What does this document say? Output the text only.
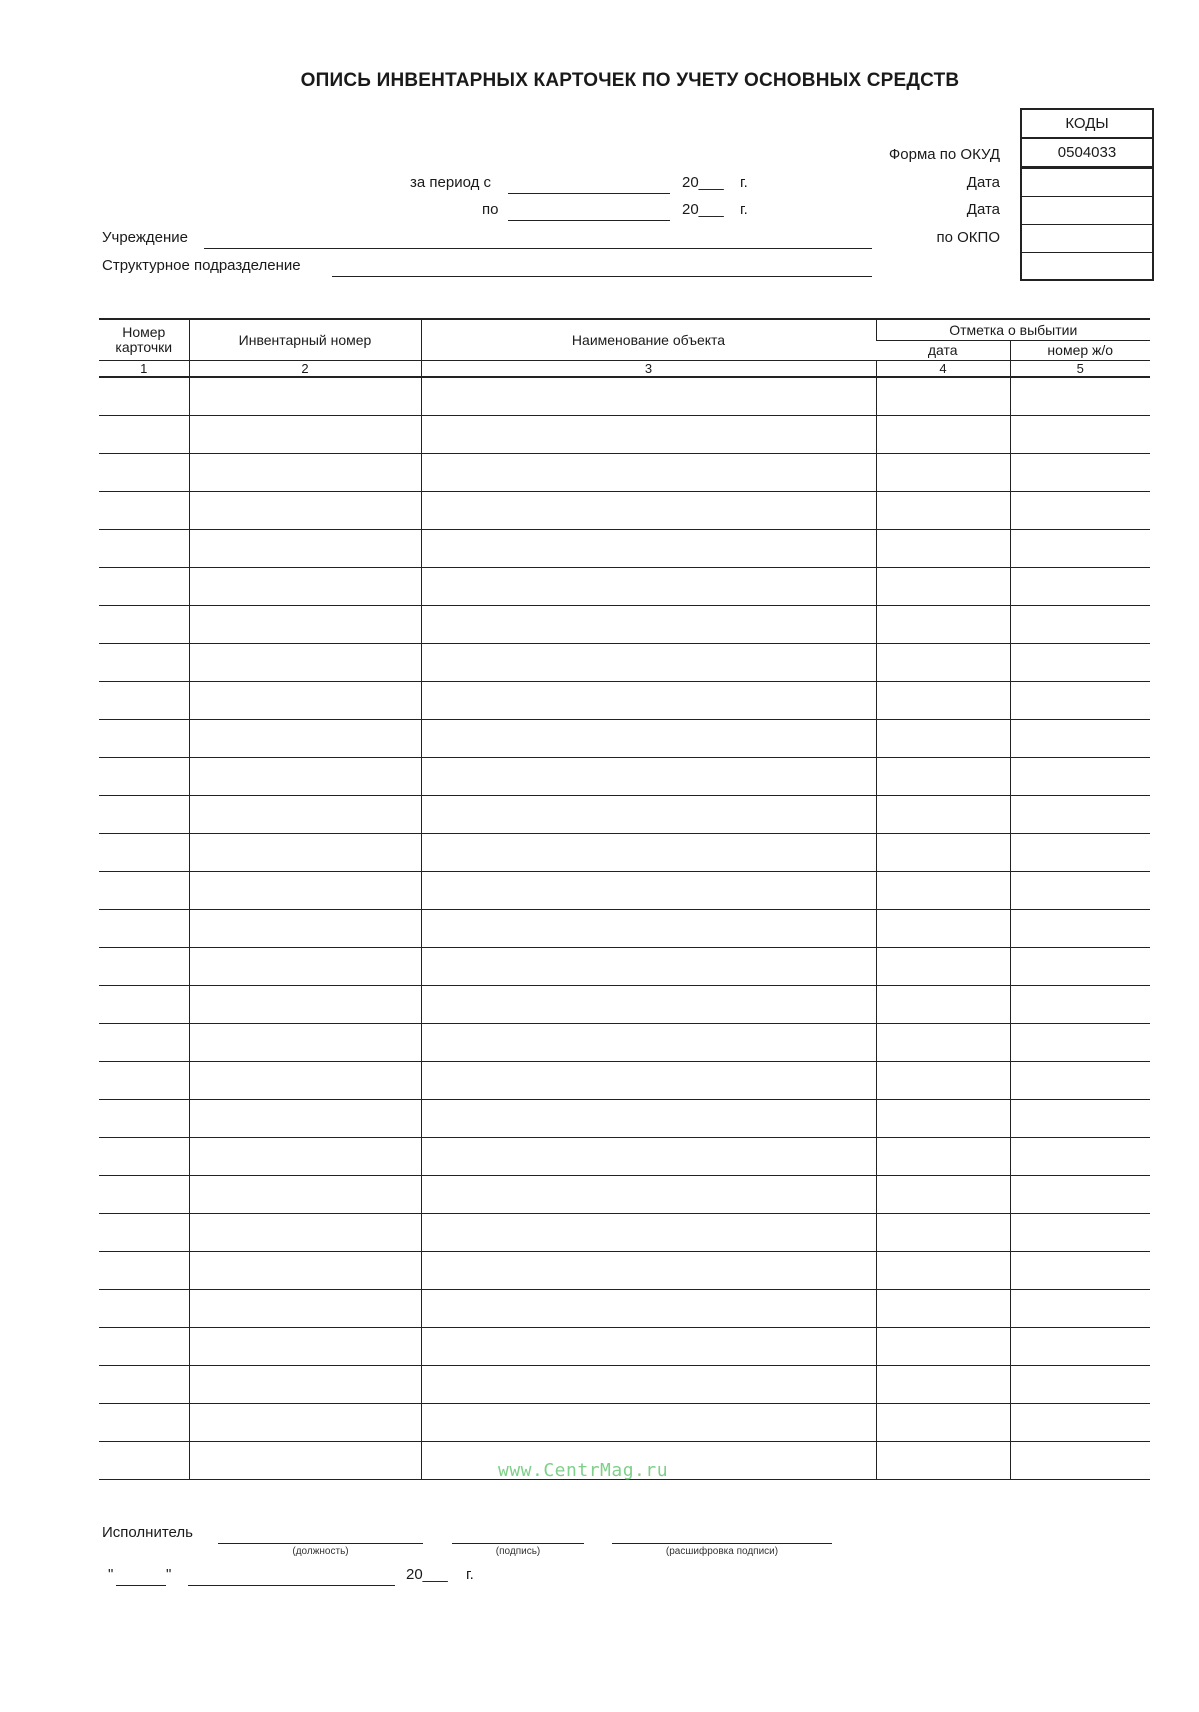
ОПИСЬ ИНВЕНТАРНЫХ КАРТОЧЕК ПО УЧЕТУ ОСНОВНЫХ СРЕДСТВ
КОДЫ
0504033
Форма по ОКУД
Дата
Дата
по ОКПО
за период с	20___ г.
по	20___ г.
Учреждение
Структурное подразделение
Номер карточки	Инвентарный номер	Наименование объекта	Отметка о выбытии	
			дата	номер ж/о
1	2	3	4	5

www.CentrMag.ru
Исполнитель
(должность)	(подпись)	(расшифровка подписи)
"	"	20___ г.
